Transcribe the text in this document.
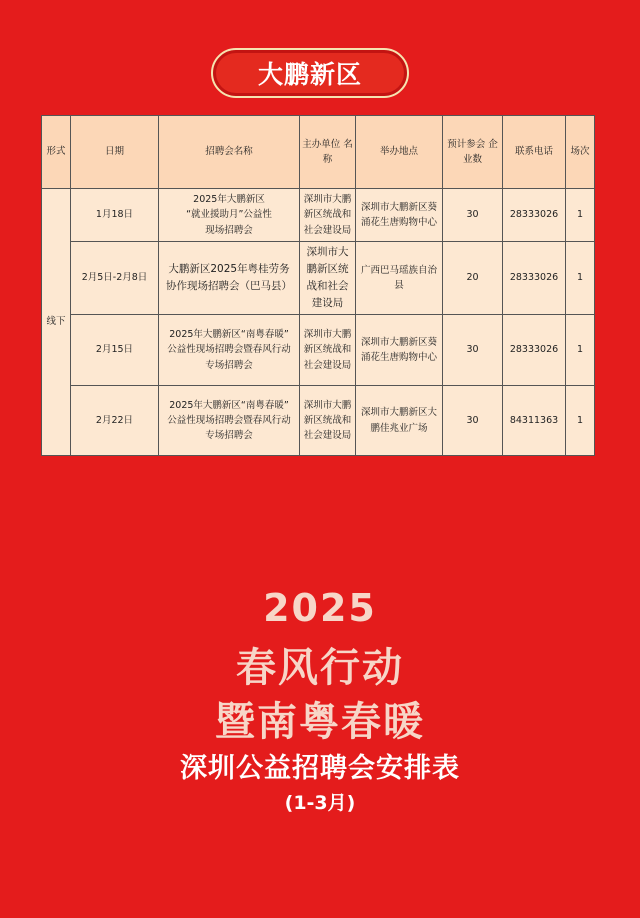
大鹏新区
形式	日期	招聘会名称	主办单位 名称	举办地点	预计参会 企业数	联系电话	场次
线下	1月18日	2025年大鹏新区
“就业援助月”公益性
现场招聘会	深圳市大鹏
新区统战和
社会建设局	深圳市大鹏新区葵
涌花生唐购物中心	30	28333026	1
	2月5日-2月8日	大鹏新区2025年粤桂劳务
协作现场招聘会（巴马县）	深圳市大
鹏新区统
战和社会
建设局	广西巴马瑶族自治
县	20	28333026	1
	2月15日	2025年大鹏新区“南粤春暖”
公益性现场招聘会暨春风行动
专场招聘会	深圳市大鹏
新区统战和
社会建设局	深圳市大鹏新区葵
涌花生唐购物中心	30	28333026	1
	2月22日	2025年大鹏新区“南粤春暖”
公益性现场招聘会暨春风行动
专场招聘会	深圳市大鹏
新区统战和
社会建设局	深圳市大鹏新区大
鹏佳兆业广场	30	84311363	1
2025
春风行动
暨南粤春暖
深圳公益招聘会安排表
(1-3月)
